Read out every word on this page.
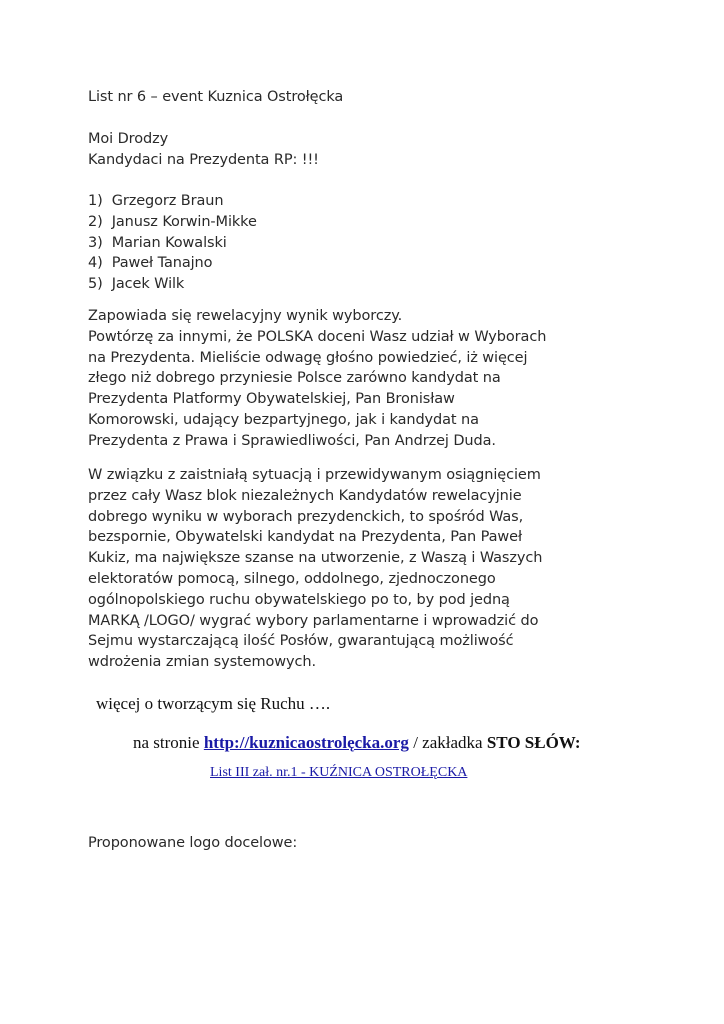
List nr 6 – event Kuznica Ostrołęcka

Moi Drodzy

Kandydaci na Prezydenta RP: !!!

1)  Grzegorz Braun
2)  Janusz Korwin-Mikke
3)  Marian Kowalski
4)  Paweł Tanajno
5)  Jacek Wilk

Zapowiada się rewelacyjny wynik wyborczy.
Powtórzę za innymi, że POLSKA doceni Wasz udział w Wyborach
na Prezydenta. Mieliście odwagę głośno powiedzieć, iż więcej
złego niż dobrego przyniesie Polsce zarówno kandydat na
Prezydenta Platformy Obywatelskiej, Pan Bronisław
Komorowski, udający bezpartyjnego, jak i kandydat na
Prezydenta z Prawa i Sprawiedliwości, Pan Andrzej Duda.

W związku z zaistniałą sytuacją i przewidywanym osiągnięciem
przez cały Wasz blok niezależnych Kandydatów rewelacyjnie
dobrego wyniku w wyborach prezydenckich, to spośród Was,
bezspornie, Obywatelski kandydat na Prezydenta, Pan Paweł
Kukiz, ma największe szanse na utworzenie, z Waszą i Waszych
elektoratów pomocą, silnego, oddolnego, zjednoczonego
ogólnopolskiego ruchu obywatelskiego po to, by pod jedną
MARKĄ /LOGO/ wygrać wybory parlamentarne i wprowadzić do
Sejmu wystarczającą ilość Posłów, gwarantującą możliwość
wdrożenia zmian systemowych.

więcej o tworzącym się Ruchu ….

na stronie http://kuznicaostrolęcka.org / zakładka STO SŁÓW:

List III zał. nr.1 - KUŹNICA OSTROŁĘCKA

Proponowane logo docelowe:
